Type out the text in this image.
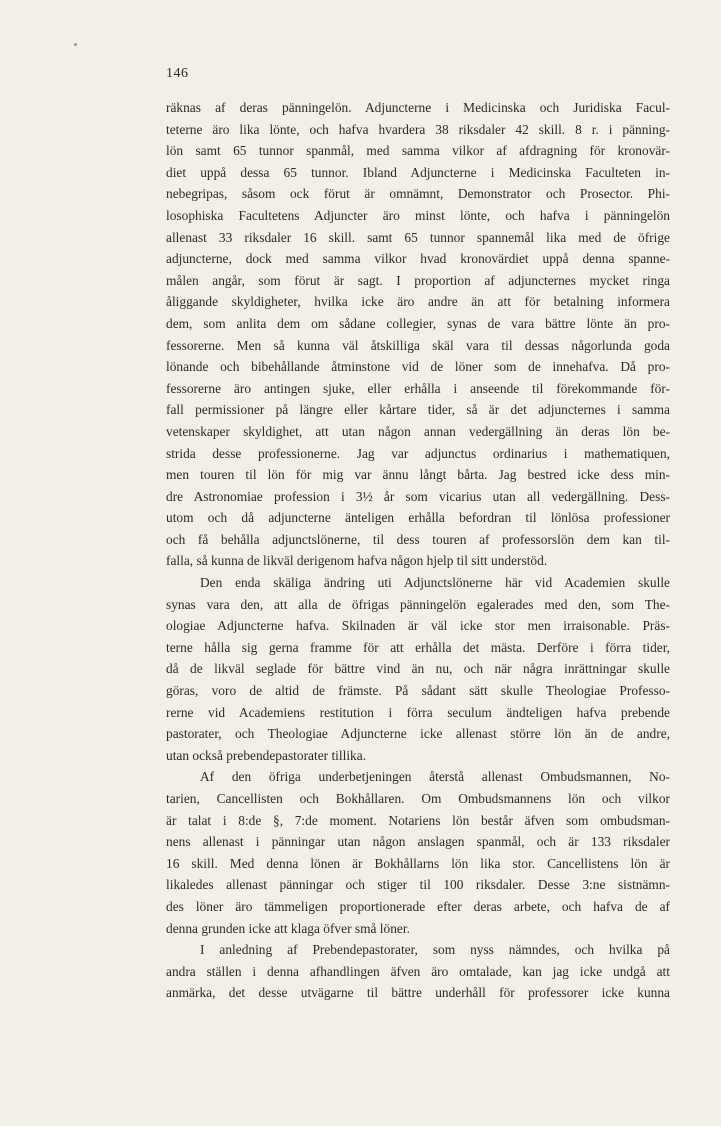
146
räknas af deras pänningelön. Adjuncterne i Medicinska och Juridiska Facul-
teterne äro lika lönte, och hafva hvardera 38 riksdaler 42 skill. 8 r. i pänning-
lön samt 65 tunnor spanmål, med samma vilkor af afdragning för kronovär-
diet uppå dessa 65 tunnor. Ibland Adjuncterne i Medicinska Faculteten in-
nebegripas, såsom ock förut är omnämnt, Demonstrator och Prosector. Phi-
losophiska Facultetens Adjuncter äro minst lönte, och hafva i pänningelön
allenast 33 riksdaler 16 skill. samt 65 tunnor spannemål lika med de öfrige
adjuncterne, dock med samma vilkor hvad kronovärdiet uppå denna spanne-
målen angår, som förut är sagt. I proportion af adjuncternes mycket ringa
åliggande skyldigheter, hvilka icke äro andre än att för betalning informera
dem, som anlita dem om sådane collegier, synas de vara bättre lönte än pro-
fessorerne. Men så kunna väl åtskilliga skäl vara til dessas någorlunda goda
lönande och bibehållande åtminstone vid de löner som de innehafva. Då pro-
fessorerne äro antingen sjuke, eller erhålla i anseende til förekommande för-
fall permissioner på längre eller kårtare tider, så är det adjuncternes i samma
vetenskaper skyldighet, att utan någon annan vedergällning än deras lön be-
strida desse professionerne. Jag var adjunctus ordinarius i mathematiquen,
men touren til lön för mig var ännu långt bårta. Jag bestred icke dess min-
dre Astronomiae profession i 3½ år som vicarius utan all vedergällning. Dess-
utom och då adjuncterne änteligen erhålla befordran til lönlösa professioner
och få behålla adjunctslönerne, til dess touren af professorslön dem kan til-
falla, så kunna de likväl derigenom hafva någon hjelp til sitt understöd.
Den enda skäliga ändring uti Adjunctslönerne här vid Academien skulle
synas vara den, att alla de öfrigas pänningelön egalerades med den, som The-
ologiae Adjuncterne hafva. Skilnaden är väl icke stor men irraisonable. Präs-
terne hålla sig gerna framme för att erhålla det mästa. Derföre i förra tider,
då de likväl seglade för bättre vind än nu, och när några inrättningar skulle
göras, voro de altid de främste. På sådant sätt skulle Theologiae Professo-
rerne vid Academiens restitution i förra seculum ändteligen hafva prebende
pastorater, och Theologiae Adjuncterne icke allenast större lön än de andre,
utan också prebendepastorater tillika.
Af den öfriga underbetjeningen återstå allenast Ombudsmannen, No-
tarien, Cancellisten och Bokhållaren. Om Ombudsmannens lön och vilkor
är talat i 8:de §, 7:de moment. Notariens lön består äfven som ombudsman-
nens allenast i pänningar utan någon anslagen spanmål, och är 133 riksdaler
16 skill. Med denna lönen är Bokhållarns lön lika stor. Cancellistens lön är
likaledes allenast pänningar och stiger til 100 riksdaler. Desse 3:ne sistnämn-
des löner äro tämmeligen proportionerade efter deras arbete, och hafva de af
denna grunden icke att klaga öfver små löner.
I anledning af Prebendepastorater, som nyss nämndes, och hvilka på
andra ställen i denna afhandlingen äfven äro omtalade, kan jag icke undgå att
anmärka, det desse utvägarne til bättre underhåll för professorer icke kunna
